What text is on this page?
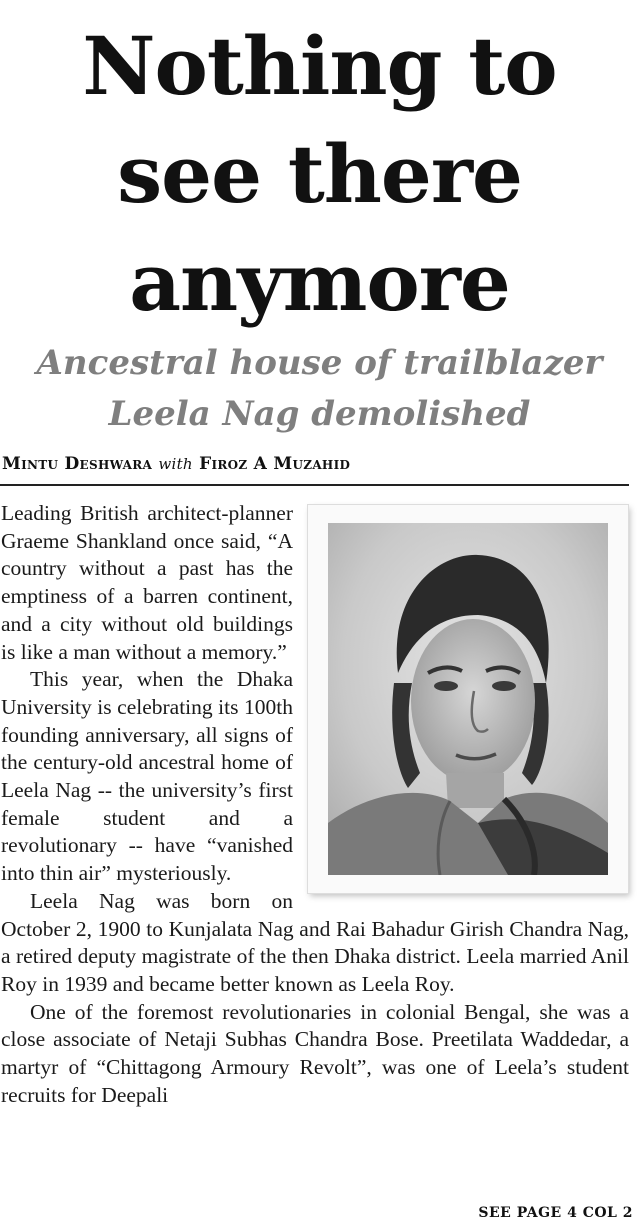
Nothing to see there anymore
Ancestral house of trailblazer Leela Nag demolished
Mintu Deshwara with Firoz A Muzahid

Leading British architect-planner Graeme Shankland once said, “A country without a past has the emptiness of a barren continent, and a city without old buildings is like a man without a memory.”

This year, when the Dhaka University is celebrating its 100th founding anniversary, all signs of the century-old ancestral home of Leela Nag -- the university’s first female student and a revolutionary -- have “vanished into thin air” mysteriously.

Leela Nag was born on October 2, 1900 to Kunjalata Nag and Rai Bahadur Girish Chandra Nag, a retired deputy magistrate of the then Dhaka district. Leela married Anil Roy in 1939 and became better known as Leela Roy.

One of the foremost revolutionaries in colonial Bengal, she was a close associate of Netaji Subhas Chandra Bose. Preetilata Waddedar, a martyr of “Chittagong Armoury Revolt”, was one of Leela’s student recruits for Deepali

SEE PAGE 4 COL 2
